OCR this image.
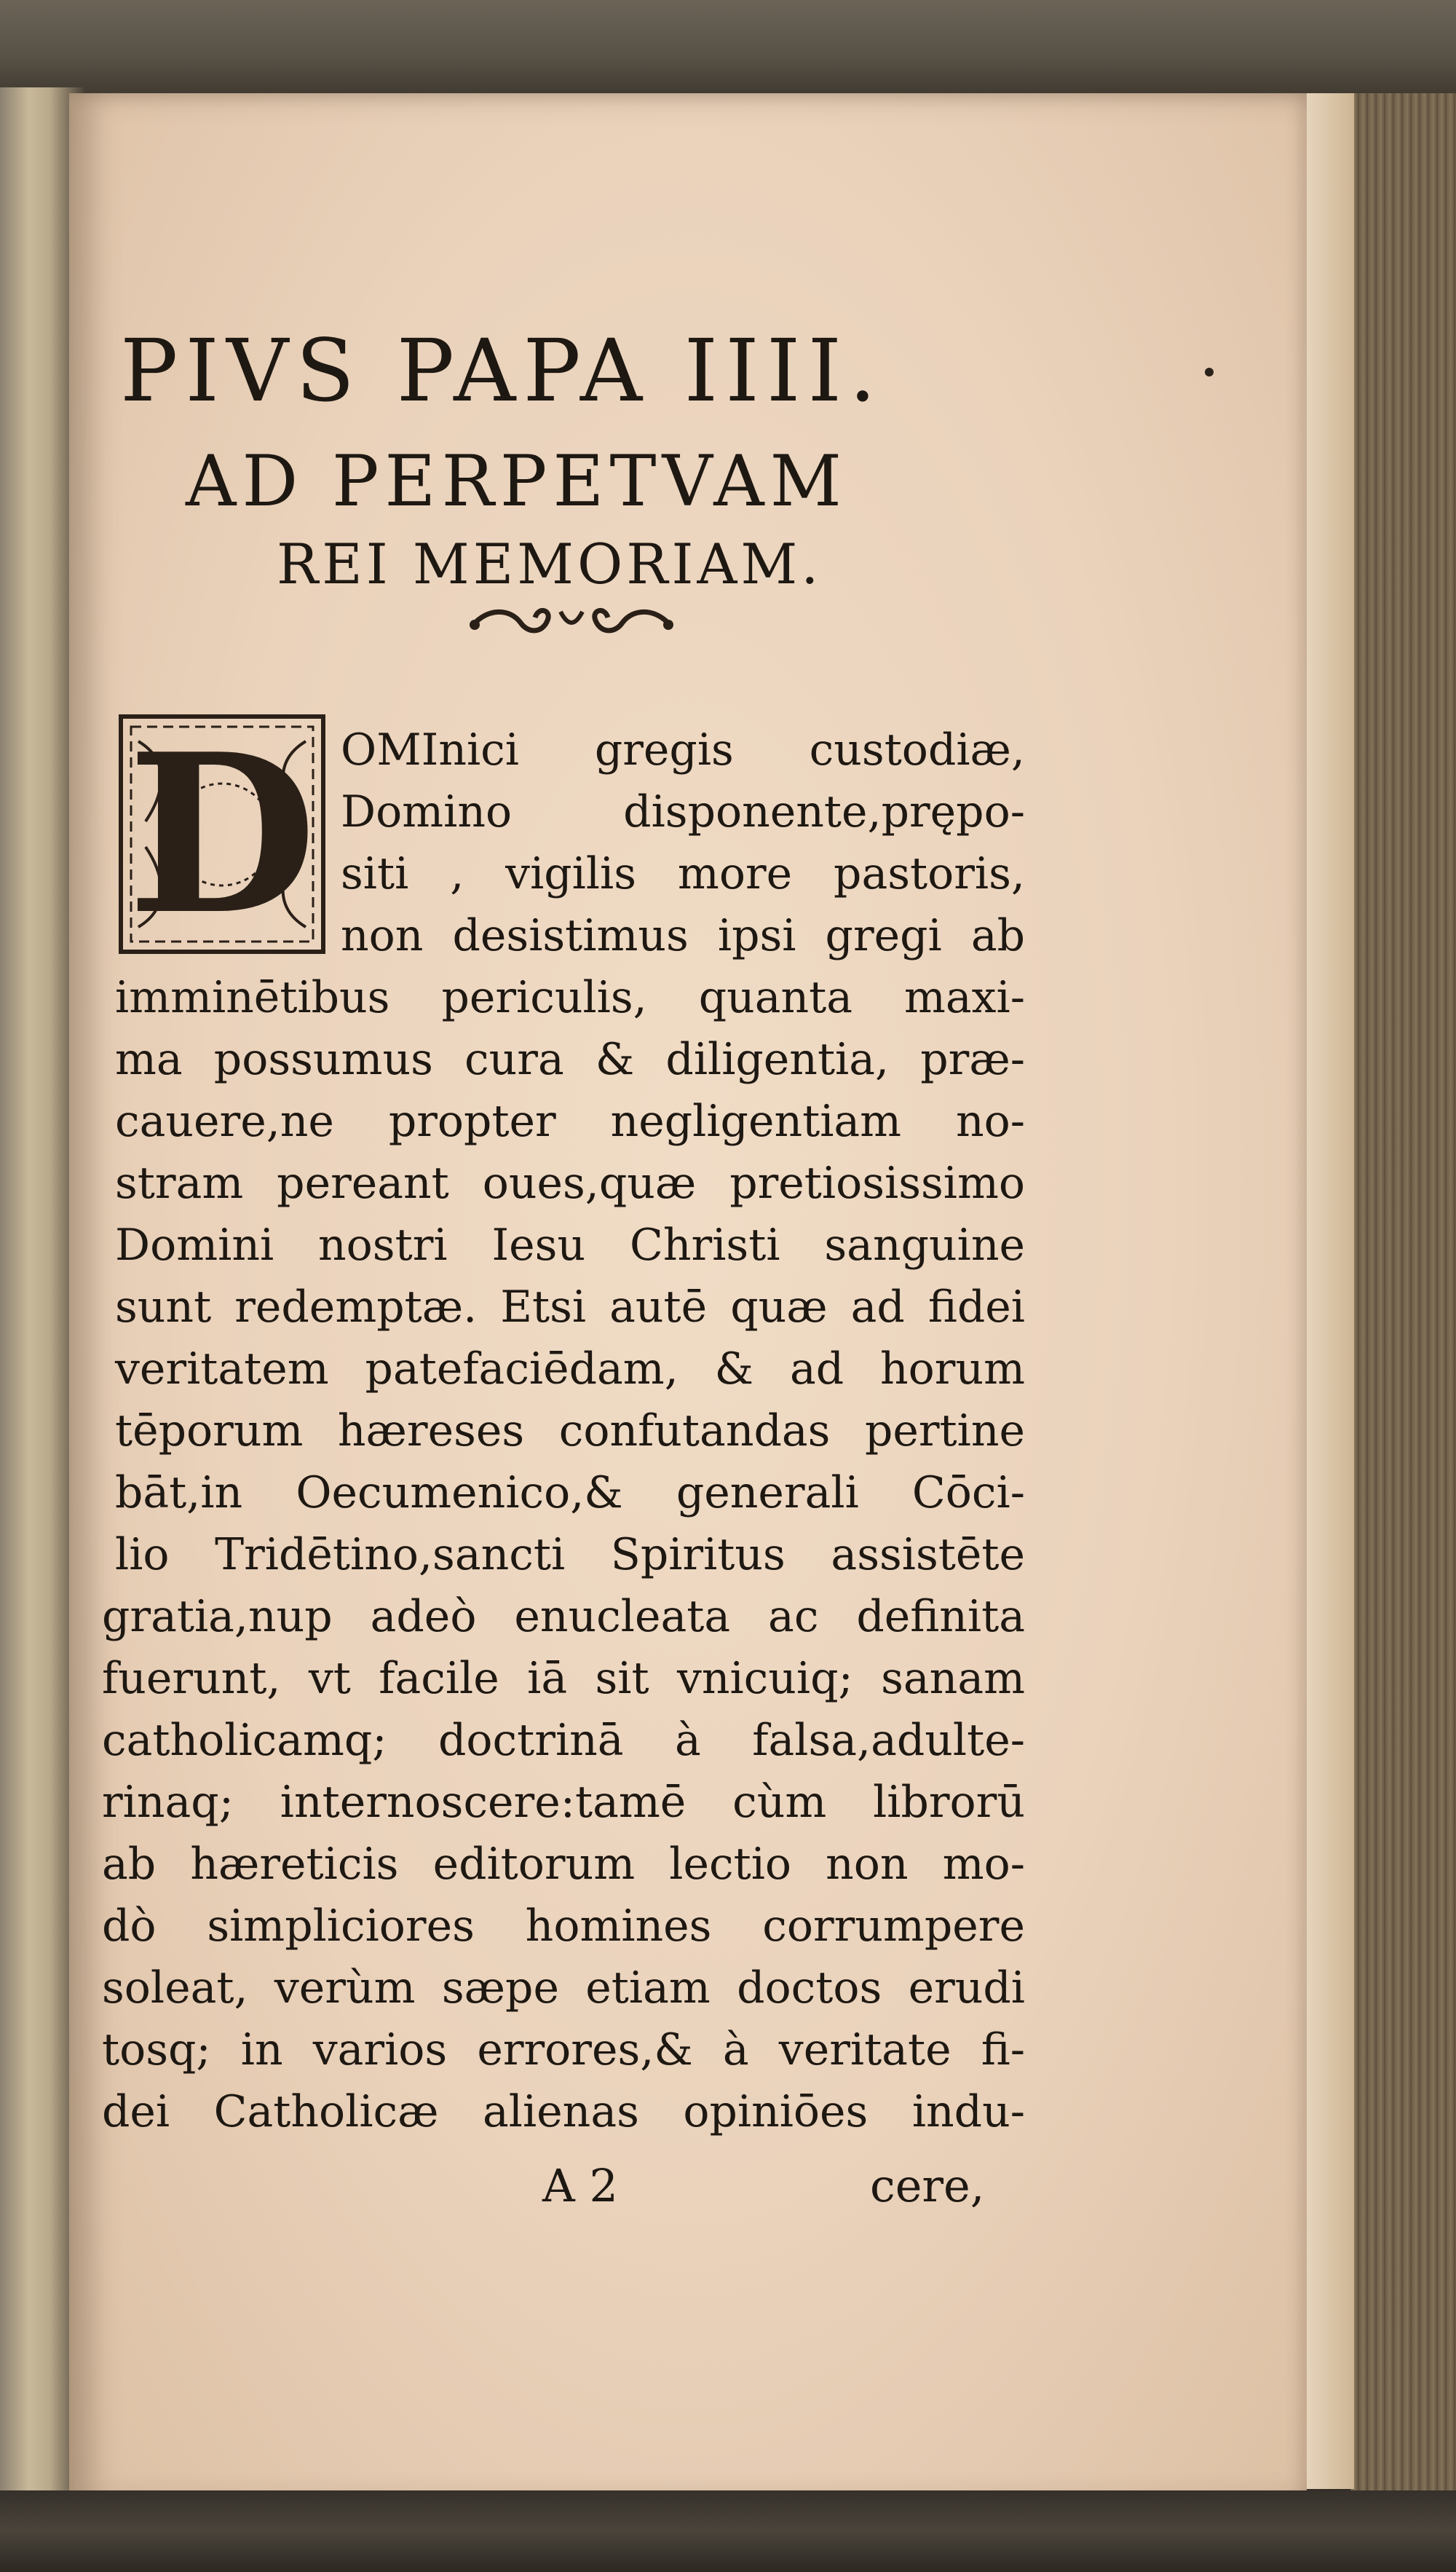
PIVS PAPA IIII.
AD PERPETVAM
REI MEMORIAM.
D OMInici gregis custodiæ,
Domino disponente,prępo-
siti , vigilis more pastoris,
non desistimus ipsi gregi ab
imminētibus periculis, quanta maxi-
ma possumus cura & diligentia, præ-
cauere,ne propter negligentiam no-
stram pereant oues,quæ pretiosissimo
Domini nostri Iesu Christi sanguine
sunt redemptæ. Etsi autē quæ ad fidei
veritatem patefaciēdam, & ad horum
tēporum hæreses confutandas pertine
bāt,in Oecumenico,& generali Cōci-
lio Tridētino,sancti Spiritus assistēte
gratia,nup adeò enucleata ac definita
fuerunt, vt facile iā sit vnicuiq; sanam
catholicamq; doctrinā à falsa,adulte-
rinaq; internoscere:tamē cùm librorū
ab hæreticis editorum lectio non mo-
dò simpliciores homines corrumpere
soleat, verùm sæpe etiam doctos erudi
tosq; in varios errores,& à veritate fi-
dei Catholicæ alienas opiniōes indu-
A 2	cere,
